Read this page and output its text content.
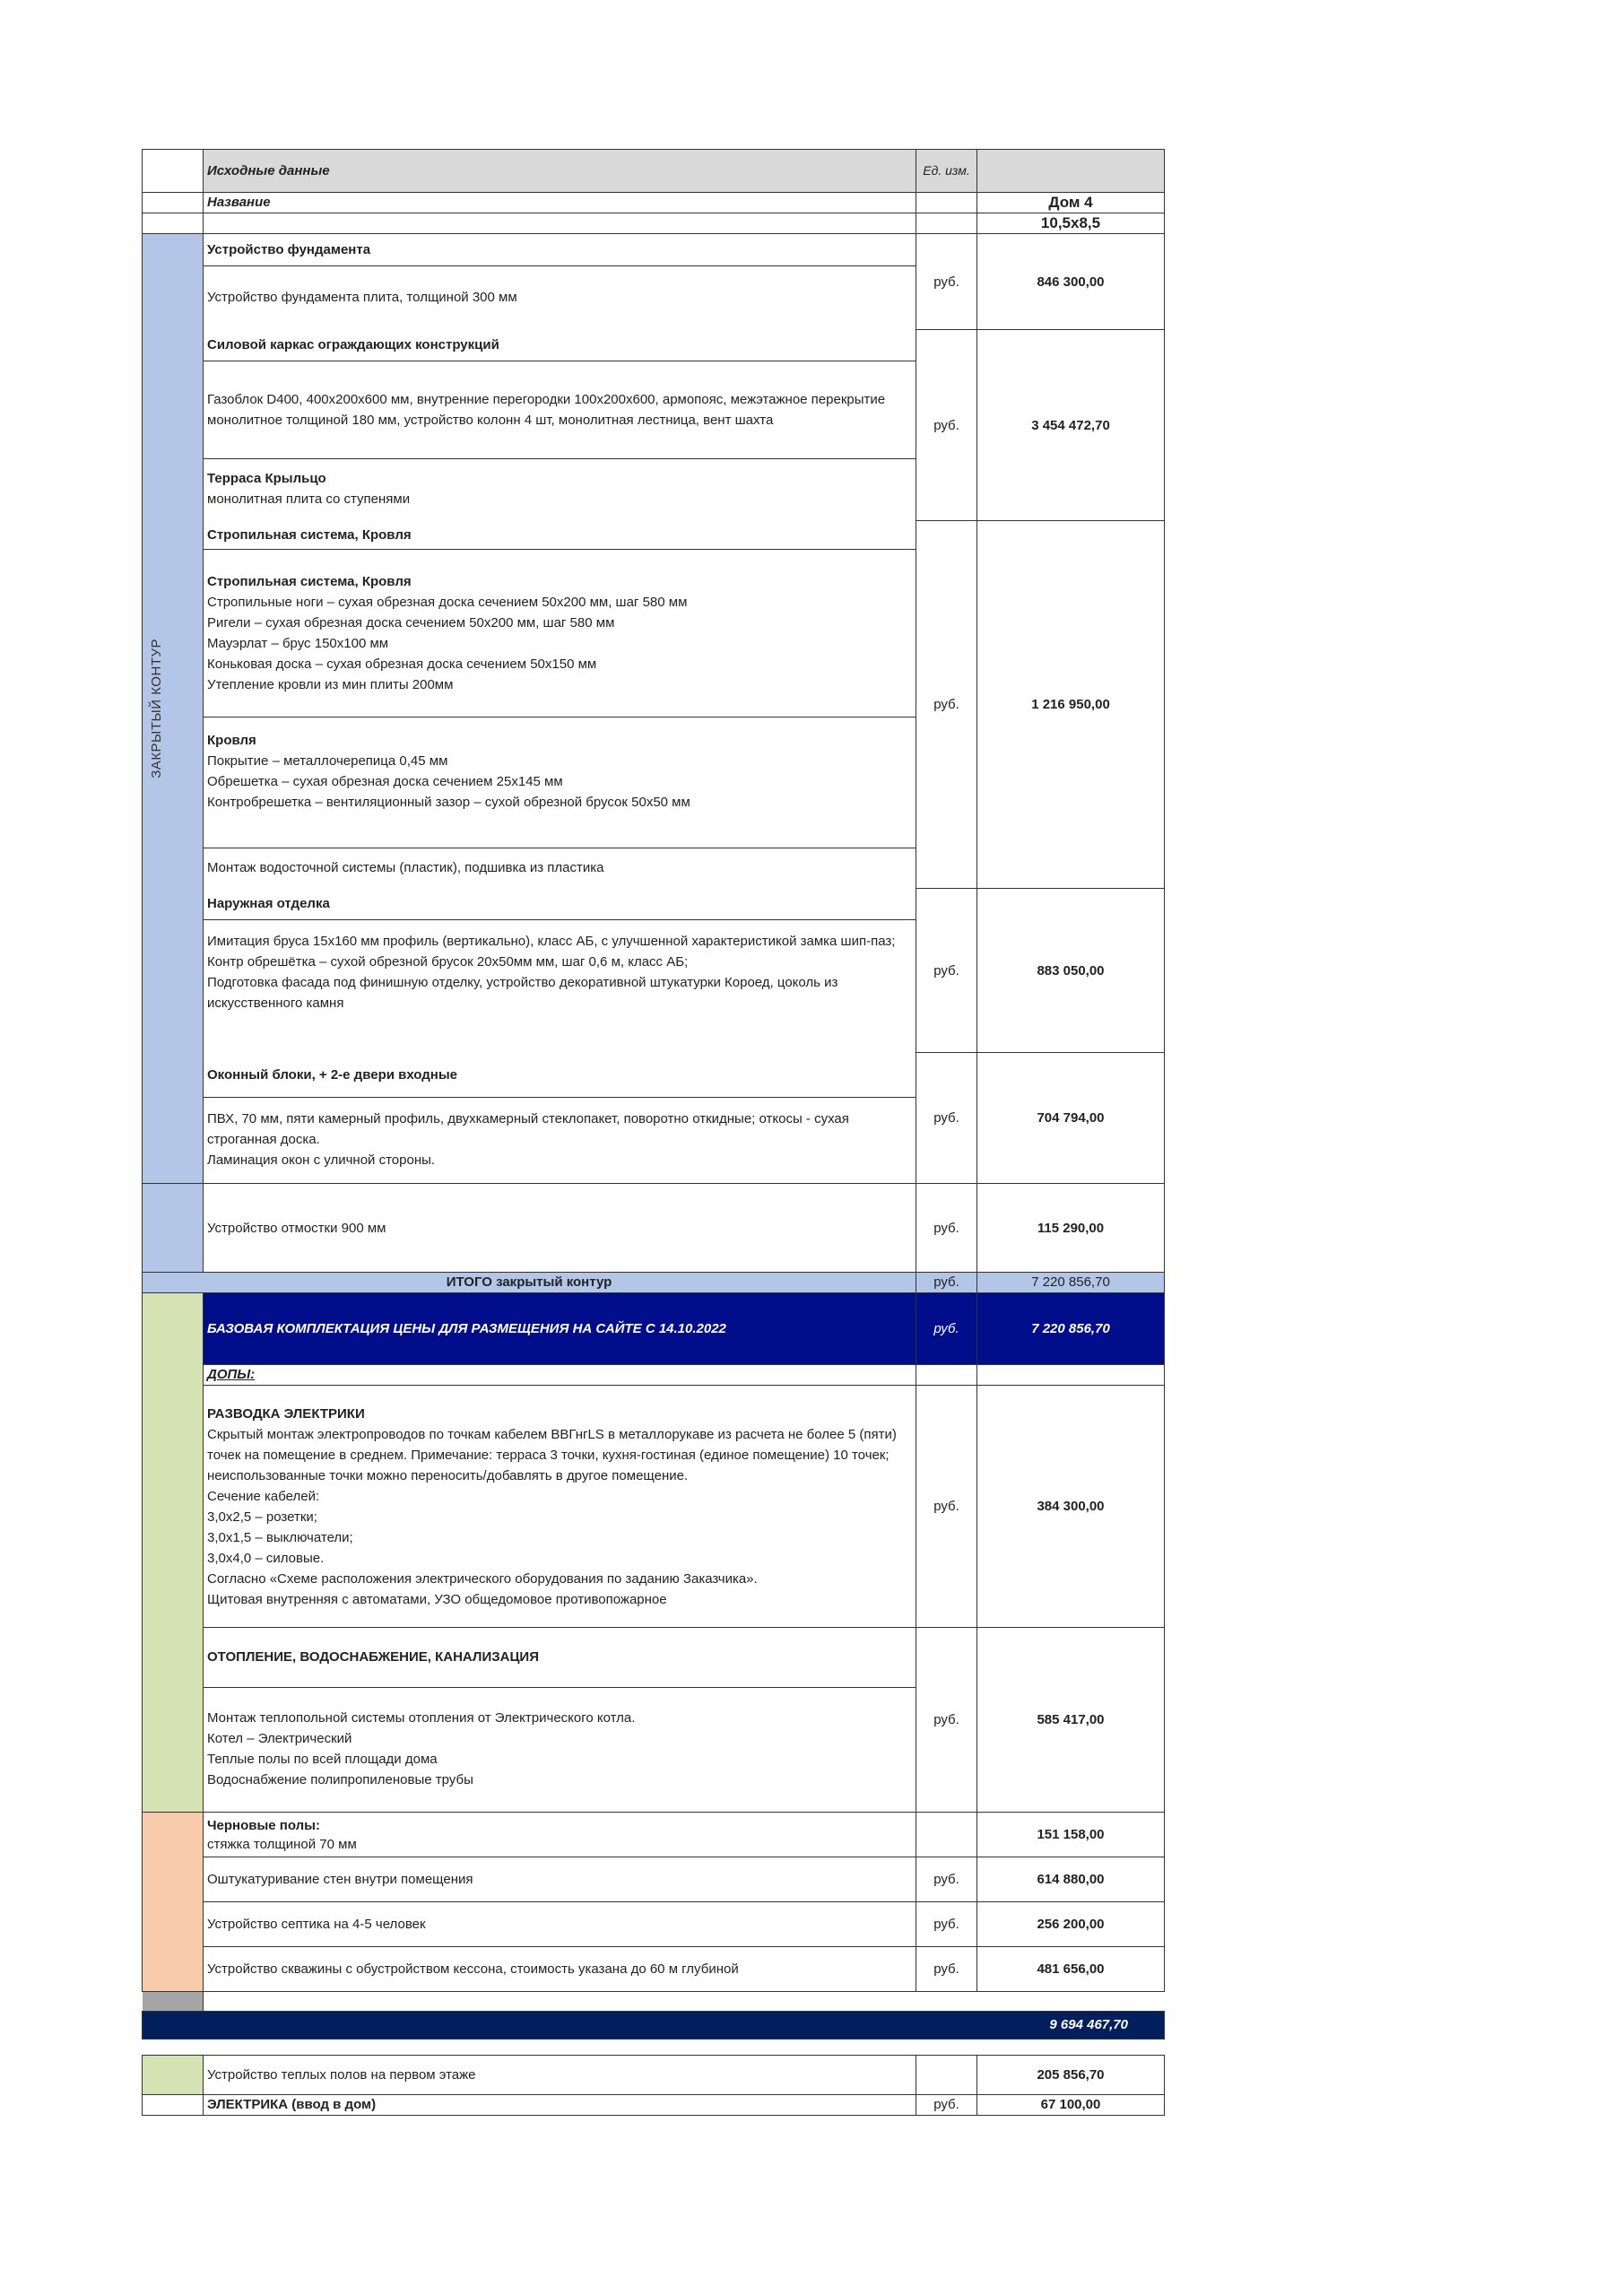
	Исходные данные	Ед. изм.	
	Название		Дом 4
			10,5х8,5

ЗАКРЫТЫЙ КОНТУР

Устройство фундамента
Устройство фундамента плита, толщиной 300 мм
	руб.	846 300,00

Силовой каркас ограждающих конструкций

Газоблок D400, 400х200х600 мм, внутренние перегородки 100х200х600, армопояс, межэтажное перекрытие
монолитное толщиной 180 мм, устройство колонн 4 шт, монолитная лестница, вент шахта

Терраса Крыльцо
монолитная плита со ступенями
	руб.	3 454 472,70

Стропильная система, Кровля

Стропильная система, Кровля
Стропильные ноги – сухая обрезная доска сечением 50х200 мм, шаг 580 мм
Ригели – сухая обрезная доска сечением 50х200 мм, шаг 580 мм
Мауэрлат – брус 150х100 мм
Коньковая доска – сухая обрезная доска сечением 50х150 мм
Утепление кровли из мин плиты 200мм

Кровля
Покрытие – металлочерепица 0,45 мм
Обрешетка – сухая обрезная доска сечением 25х145 мм
Контробрешетка – вентиляционный зазор – сухой обрезной брусок 50х50 мм

Монтаж водосточной системы (пластик), подшивка из пластика
	руб.	1 216 950,00

Наружная отделка

Имитация бруса 15х160 мм профиль (вертикально), класс АБ, с улучшенной характеристикой замка шип-паз;
Контр обрешётка – сухой обрезной брусок 20х50мм мм, шаг 0,6 м, класс АБ;
Подготовка фасада под финишную отделку, устройство декоративной штукатурки Короед, цоколь из
искусственного камня
	руб.	883 050,00

Оконный блоки, + 2-е двери входные

ПВХ, 70 мм, пяти камерный профиль, двухкамерный стеклопакет, поворотно откидные; откосы - сухая
строганная доска.
Ламинация окон с уличной стороны.
	руб.	704 794,00
	Устройство отмостки 900 мм	руб.	115 290,00
ИТОГО закрытый контур	руб.	7 220 856,70
	БАЗОВАЯ КОМПЛЕКТАЦИЯ ЦЕНЫ ДЛЯ РАЗМЕЩЕНИЯ НА САЙТЕ С 14.10.2022	руб.	7 220 856,70
ДОПЫ:		

РАЗВОДКА ЭЛЕКТРИКИ
Скрытый монтаж электропроводов по точкам кабелем ВВГнгLS в металлорукаве из расчета не более 5 (пяти)
точек на помещение в среднем. Примечание: терраса 3 точки, кухня-гостиная (единое помещение) 10 точек;
неиспользованные точки можно переносить/добавлять в другое помещение.
Сечение кабелей:
3,0х2,5 – розетки;
3,0х1,5 – выключатели;
3,0х4,0 – силовые.
Согласно «Схеме расположения электрического оборудования по заданию Заказчика».
Щитовая внутренняя с автоматами, УЗО общедомовое противопожарное
	руб.	384 300,00

ОТОПЛЕНИЕ, ВОДОСНАБЖЕНИЕ, КАНАЛИЗАЦИЯ

Монтаж теплопольной системы отопления от Электрического котла.
Котел – Электрический
Теплые полы по всей площади дома
Водоснабжение полипропиленовые трубы
	руб.	585 417,00

Черновые полы:
стяжка толщиной 70 мм
		151 158,00
Оштукатуривание стен внутри помещения	руб.	614 880,00
Устройство септика на 4-5 человек	руб.	256 200,00
Устройство скважины с обустройством кессона, стоимость указана до 60 м глубиной	руб.	481 656,00

9 694 467,70

	Устройство теплых полов на первом этаже		205 856,70
	ЭЛЕКТРИКА (ввод в дом)	руб.	67 100,00
